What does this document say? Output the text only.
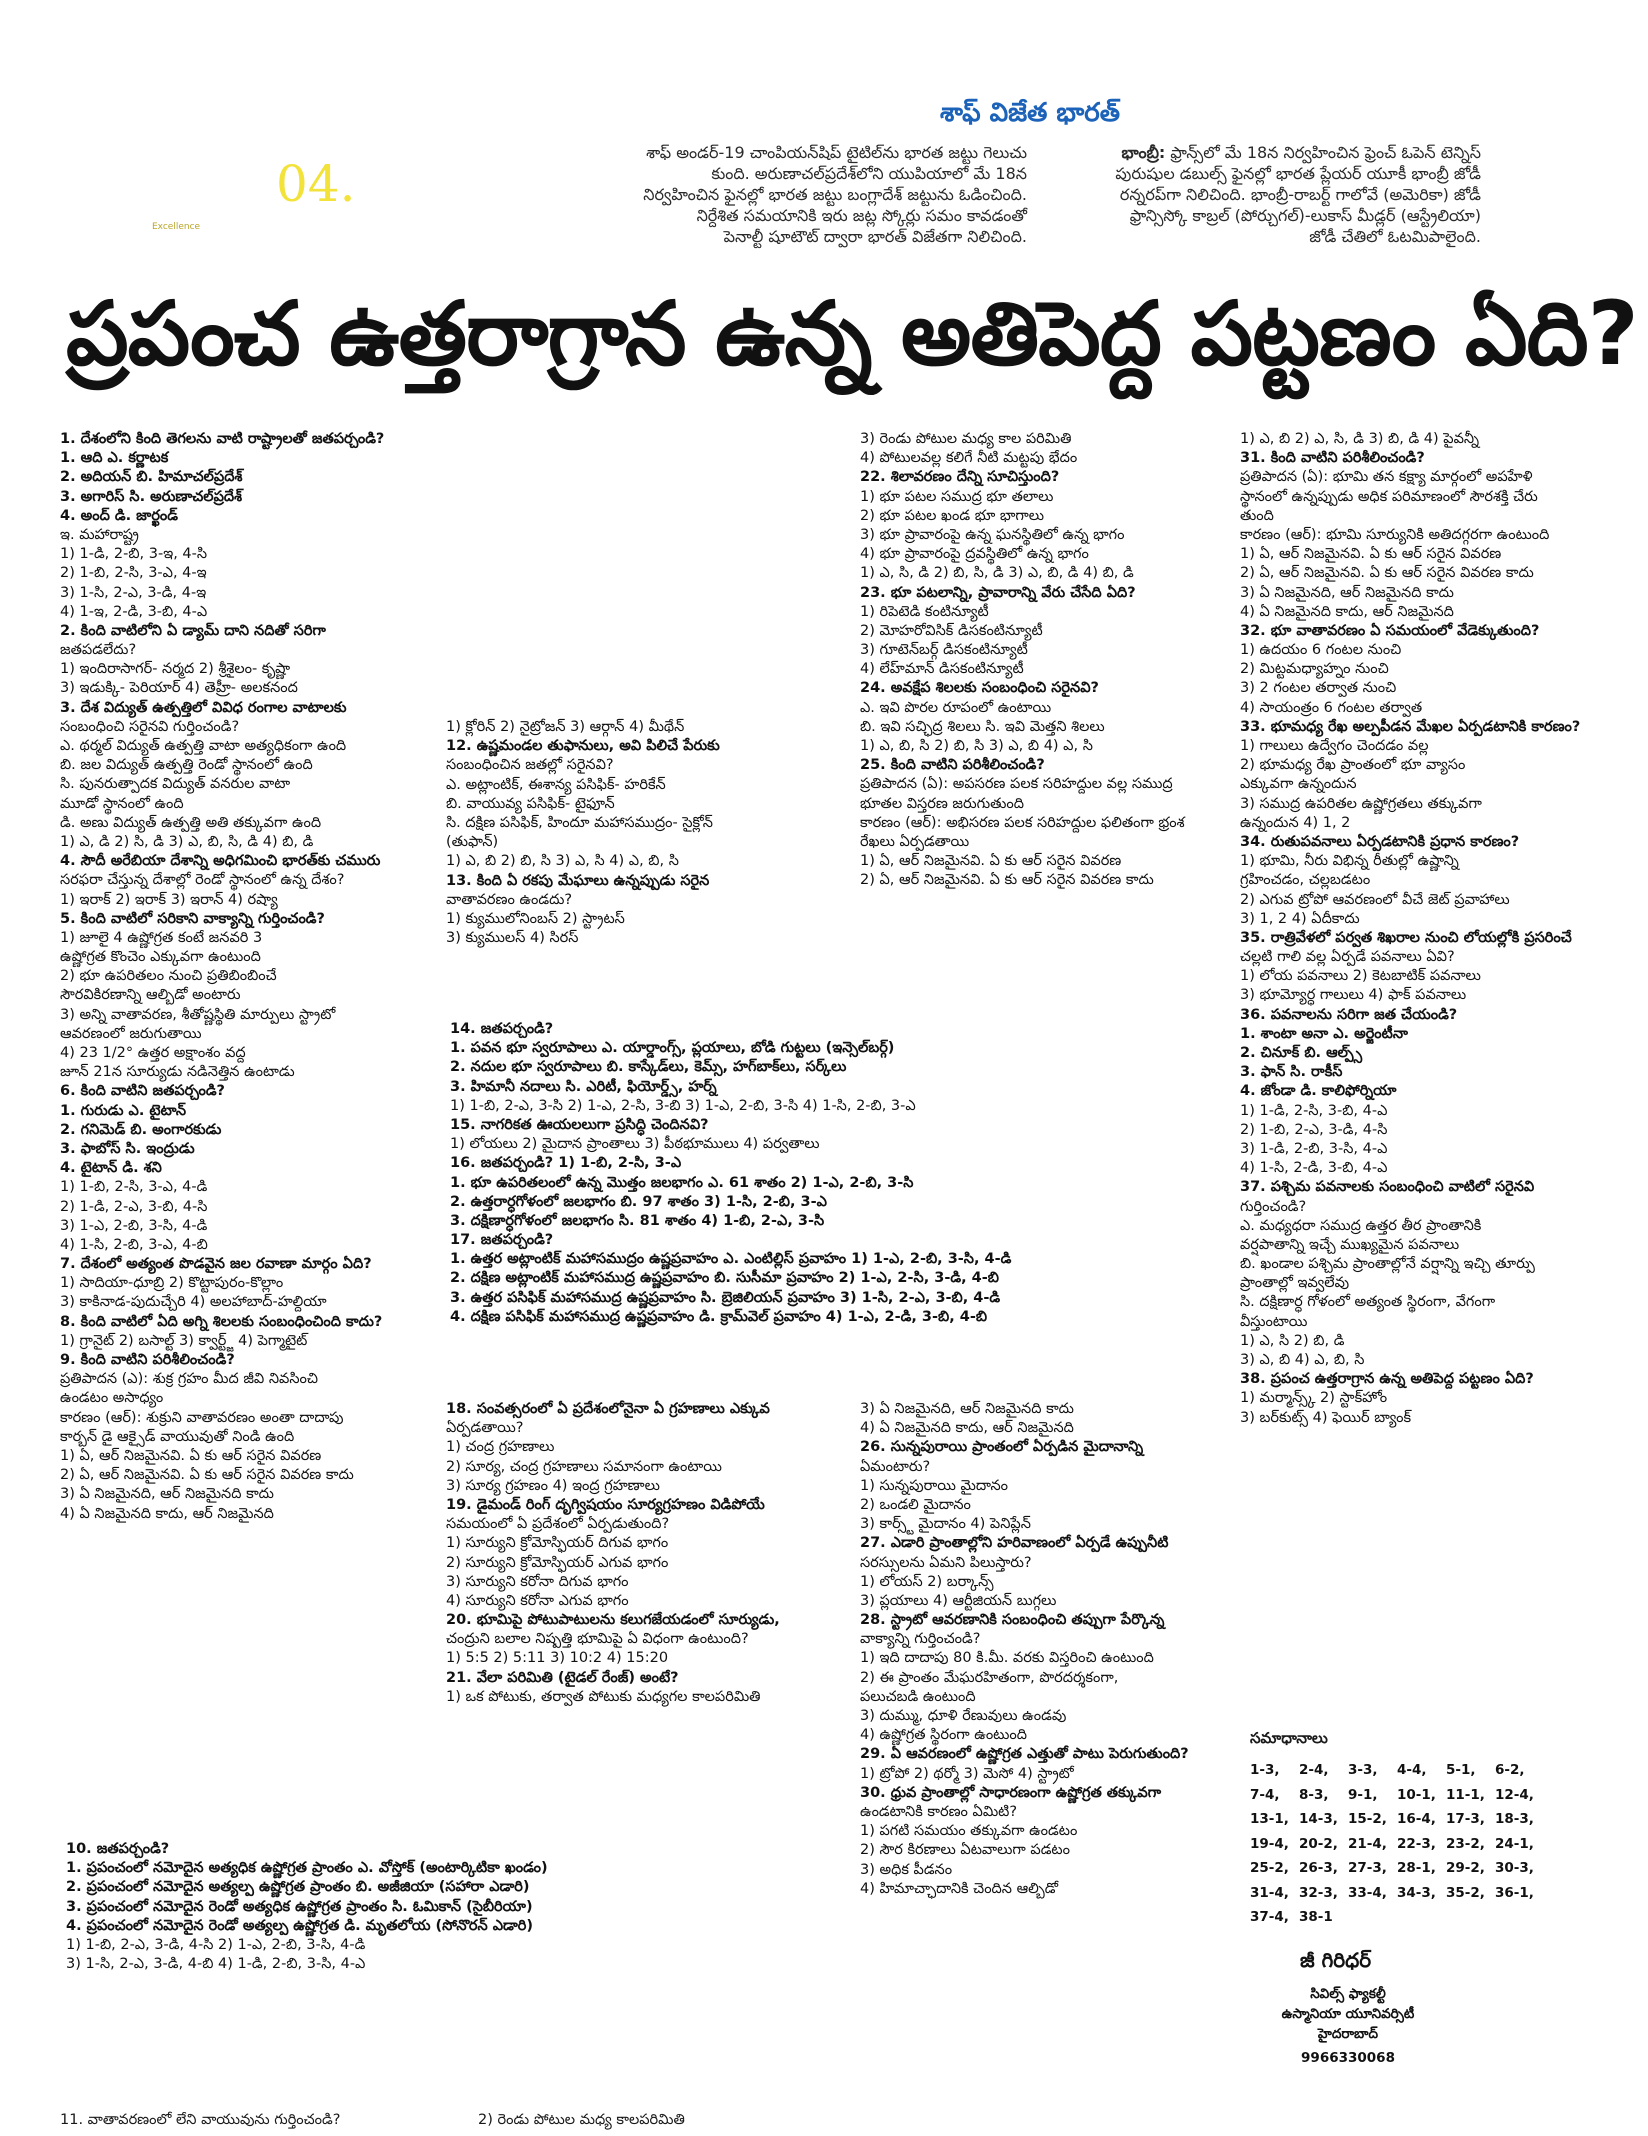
04.
Excellence
శాఫ్‌ విజేత భారత్‌
శాఫ్‌ అండర్‌-19 చాంపియన్‌షిప్‌ టైటిల్‌ను భారత జట్టు గెలుచు
కుంది. అరుణాచల్‌ప్రదేశ్‌లోని యుపియాలో మే 18న
నిర్వహించిన ఫైనల్లో భారత జట్టు బంగ్లాదేశ్‌ జట్టును ఓడించింది.
నిర్దేశిత సమయానికి ఇరు జట్ల స్కోర్లు సమం కావడంతో
పెనాల్టీ షూటౌట్‌ ద్వారా భారత్‌ విజేతగా నిలిచింది.
భాంబ్రీ: ఫ్రాన్స్‌లో మే 18న నిర్వహించిన ఫ్రెంచ్‌ ఓపెన్‌ టెన్నిస్‌
పురుషుల డబుల్స్‌ ఫైనల్లో భారత ప్లేయర్‌ యూకీ భాంబ్రీ జోడీ
రన్నరప్‌గా నిలిచింది. భాంబ్రీ-రాబర్ట్‌ గాలోవే (అమెరికా) జోడీ
ఫ్రాన్సిస్కో కాబ్రల్‌ (పోర్చుగల్‌)-లుకాస్‌ మీడ్లర్‌ (ఆస్ట్రేలియా)
జోడీ చేతిలో ఓటమిపాలైంది.
ప్రపంచ ఉత్తరాగ్రాన ఉన్న అతిపెద్ద పట్టణం ఏది?
1. దేశంలోని కింది తెగలను వాటి రాష్ట్రాలతో జతపర్చండి?
1. ఆది ఎ. కర్ణాటక
2. అదియన్‌ బి. హిమాచల్‌ప్రదేశ్‌
3. అగారిస్‌ సి. అరుణాచల్‌ప్రదేశ్‌
4. అంద్‌ డి. జార్ఖండ్‌
ఇ. మహారాష్ట్ర
1) 1-డి, 2-బి, 3-ఇ, 4-సి
2) 1-బి, 2-సి, 3-ఎ, 4-ఇ
3) 1-సి, 2-ఎ, 3-డి, 4-ఇ
4) 1-ఇ, 2-డి, 3-బి, 4-ఎ
2. కింది వాటిలోని ఏ డ్యామ్‌ దాని నదితో సరిగా
జతపడలేదు?
1) ఇందిరాసాగర్‌- నర్మద 2) శ్రీశైలం- కృష్ణా
3) ఇడుక్కి- పెరియార్‌ 4) తెహ్రీ- అలకనంద
3. దేశ విద్యుత్‌ ఉత్పత్తిలో వివిధ రంగాల వాటాలకు
సంబంధించి సరైనవి గుర్తించండి?
ఎ. థర్మల్‌ విద్యుత్‌ ఉత్పత్తి వాటా అత్యధికంగా ఉంది
బి. జల విద్యుత్‌ ఉత్పత్తి రెండో స్థానంలో ఉంది
సి. పునరుత్పాదక విద్యుత్‌ వనరుల వాటా
మూడో స్థానంలో ఉంది
డి. అణు విద్యుత్‌ ఉత్పత్తి అతి తక్కువగా ఉంది
1) ఎ, డి 2) సి, డి 3) ఎ, బి, సి, డి 4) బి, డి
4. సౌదీ అరేబియా దేశాన్ని అధిగమించి భారత్‌కు చమురు
సరఫరా చేస్తున్న దేశాల్లో రెండో స్థానంలో ఉన్న దేశం?
1) ఇరాక్‌ 2) ఇరాక్‌ 3) ఇరాన్‌ 4) రష్యా
5. కింది వాటిలో సరికాని వాక్యాన్ని గుర్తించండి?
1) జూలై 4 ఉష్ణోగ్రత కంటే జనవరి 3
ఉష్ణోగ్రత కొంచెం ఎక్కువగా ఉంటుంది
2) భూ ఉపరితలం నుంచి ప్రతిబింబించే
సౌరవికిరణాన్ని ఆల్బిడో అంటారు
3) అన్ని వాతావరణ, శీతోష్ణస్థితి మార్పులు స్ట్రాటో
ఆవరణంలో జరుగుతాయి
4) 23 1/2° ఉత్తర అక్షాంశం వద్ద
జూన్‌ 21న సూర్యుడు నడినెత్తిన ఉంటాడు
6. కింది వాటిని జతపర్చండి?
1. గురుడు ఎ. టైటాన్‌
2. గనిమెడ్‌ బి. అంగారకుడు
3. ఫాబోస్‌ సి. ఇంద్రుడు
4. టైటాన్‌ డి. శని
1) 1-బి, 2-సి, 3-ఎ, 4-డి
2) 1-డి, 2-ఎ, 3-బి, 4-సి
3) 1-ఎ, 2-బి, 3-సి, 4-డి
4) 1-సి, 2-బి, 3-ఎ, 4-బి
7. దేశంలో అత్యంత పొడవైన జల రవాణా మార్గం ఏది?
1) సాదియా-ధూబ్రి 2) కొట్టాపురం-కొల్లాం
3) కాకినాడ-పుదుచ్చేరి 4) అలహాబాద్‌-హల్దియా
8. కింది వాటిలో ఏది అగ్ని శిలలకు సంబంధించింది కాదు?
1) గ్రానైట్‌ 2) బసాల్ట్‌ 3) క్వార్ట్జ్‌ 4) పెగ్మాటైట్‌
9. కింది వాటిని పరిశీలించండి?
ప్రతిపాదన (ఎ): శుక్ర గ్రహం మీద జీవి నివసించి
ఉండటం అసాధ్యం
కారణం (ఆర్‌): శుక్రుని వాతావరణం అంతా దాదాపు
కార్బన్‌ డై ఆక్సైడ్‌ వాయువుతో నిండి ఉంది
1) ఏ, ఆర్‌ నిజమైనవి. ఏ కు ఆర్‌ సరైన వివరణ
2) ఏ, ఆర్‌ నిజమైనవి. ఏ కు ఆర్‌ సరైన వివరణ కాదు
3) ఏ నిజమైనది, ఆర్‌ నిజమైనది కాదు
4) ఏ నిజమైనది కాదు, ఆర్‌ నిజమైనది
1) క్లోరిన్‌ 2) నైట్రోజన్‌ 3) ఆర్గాన్‌ 4) మీథేన్‌
12. ఉష్ణమండల తుఫానులు, అవి పిలిచే పేరుకు
సంబంధించిన జతల్లో సరైనవి?
ఎ. అట్లాంటిక్‌, ఈశాన్య పసిఫిక్‌- హరికేన్‌
బి. వాయువ్య పసిఫిక్‌- టైఫూన్‌
సి. దక్షిణ పసిఫిక్‌, హిందూ మహాసముద్రం- సైక్లోన్‌
(తుఫాన్‌)
1) ఎ, బి 2) బి, సి 3) ఎ, సి 4) ఎ, బి, సి
13. కింది ఏ రకపు మేఘాలు ఉన్నప్పుడు సరైన
వాతావరణం ఉండదు?
1) క్యుములోనింబస్‌ 2) స్ట్రాటస్‌
3) క్యుములస్‌ 4) సిరస్‌
3) రెండు పోటుల మధ్య కాల పరిమితి
4) పోటులవల్ల కలిగే నీటి మట్టపు భేదం
22. శిలావరణం దేన్ని సూచిస్తుంది?
1) భూ పటల సముద్ర భూ తలాలు
2) భూ పటల ఖండ భూ భాగాలు
3) భూ ప్రావారంపై ఉన్న ఘనస్థితిలో ఉన్న భాగం
4) భూ ప్రావారంపై ద్రవస్థితిలో ఉన్న భాగం
1) ఎ, సి, డి 2) బి, సి, డి 3) ఎ, బి, డి 4) బి, డి
23. భూ పటలాన్ని, ప్రావారాన్ని వేరు చేసేది ఏది?
1) రిపెటెడి కంటిన్యూటీ
2) మోహరోవిసిక్‌ డిసకంటిన్యూటీ
3) గూటెన్‌బర్గ్‌ డిసకంటిన్యూటీ
4) లేహ్‌మాన్‌ డిసకంటిన్యూటీ
24. అవక్షేప శిలలకు సంబంధించి సరైనవి?
ఎ. ఇవి పొరల రూపంలో ఉంటాయి
బి. ఇవి సచ్ఛిద్ర శిలలు సి. ఇవి మెత్తని శిలలు
1) ఎ, బి, సి 2) బి, సి 3) ఎ, బి 4) ఎ, సి
25. కింది వాటిని పరిశీలించండి?
ప్రతిపాదన (ఏ): అపసరణ పలక సరిహద్దుల వల్ల సముద్ర
భూతల విస్తరణ జరుగుతుంది
కారణం (ఆర్‌): అభిసరణ పలక సరిహద్దుల ఫలితంగా భ్రంశ
రేఖలు ఏర్పడతాయి
1) ఏ, ఆర్‌ నిజమైనవి. ఏ కు ఆర్‌ సరైన వివరణ
2) ఏ, ఆర్‌ నిజమైనవి. ఏ కు ఆర్‌ సరైన వివరణ కాదు
14. జతపర్చండి?
1. పవన భూ స్వరూపాలు ఎ. యార్డాంగ్స్‌, ప్లయాలు, బోడి గుట్టలు (ఇన్సెల్‌బర్గ్‌)
2. నదుల భూ స్వరూపాలు బి. కాస్కేడ్‌లు, కెమ్స్‌, హగ్‌బాక్‌లు, సర్క్‌లు
3. హిమానీ నదాలు సి. ఎరిటీ, ఫియోర్డ్స్‌, హర్న్‌
1) 1-బి, 2-ఎ, 3-సి 2) 1-ఎ, 2-సి, 3-బి 3) 1-ఎ, 2-బి, 3-సి 4) 1-సి, 2-బి, 3-ఎ
15. నాగరికత ఊయలలుగా ప్రసిద్ధి చెందినవి?
1) లోయలు 2) మైదాన ప్రాంతాలు 3) పీఠభూములు 4) పర్వతాలు
16. జతపర్చండి? 1) 1-బి, 2-సి, 3-ఎ
1. భూ ఉపరితలంలో ఉన్న మొత్తం జలభాగం ఎ. 61 శాతం 2) 1-ఎ, 2-బి, 3-సి
2. ఉత్తరార్ధగోళంలో జలభాగం బి. 97 శాతం 3) 1-సి, 2-బి, 3-ఎ
3. దక్షిణార్ధగోళంలో జలభాగం సి. 81 శాతం 4) 1-బి, 2-ఎ, 3-సి
17. జతపర్చండి?
1. ఉత్తర అట్లాంటిక్‌ మహాసముద్రం ఉష్ణప్రవాహం ఎ. ఎంటిల్లిస్‌ ప్రవాహం 1) 1-ఎ, 2-బి, 3-సి, 4-డి
2. దక్షిణ అట్లాంటిక్‌ మహాసముద్ర ఉష్ణప్రవాహం బి. సుసీమా ప్రవాహం 2) 1-ఎ, 2-సి, 3-డి, 4-బి
3. ఉత్తర పసిఫిక్‌ మహాసముద్ర ఉష్ణప్రవాహం సి. బ్రెజిలియన్‌ ప్రవాహం 3) 1-సి, 2-ఎ, 3-బి, 4-డి
4. దక్షిణ పసిఫిక్‌ మహాసముద్ర ఉష్ణప్రవాహం డి. క్రామ్‌వెల్‌ ప్రవాహం 4) 1-ఎ, 2-డి, 3-బి, 4-బి
18. సంవత్సరంలో ఏ ప్రదేశంలోనైనా ఏ గ్రహణాలు ఎక్కువ
ఏర్పడతాయి?
1) చంద్ర గ్రహణాలు
2) సూర్య, చంద్ర గ్రహణాలు సమానంగా ఉంటాయి
3) సూర్య గ్రహణం 4) ఇంద్ర గ్రహణాలు
19. డైమండ్‌ రింగ్‌ దృగ్విషయం సూర్యగ్రహణం విడిపోయే
సమయంలో ఏ ప్రదేశంలో ఏర్పడుతుంది?
1) సూర్యుని క్రోమోస్ఫియర్‌ దిగువ భాగం
2) సూర్యుని క్రోమోస్ఫియర్‌ ఎగువ భాగం
3) సూర్యుని కరోనా దిగువ భాగం
4) సూర్యుని కరోనా ఎగువ భాగం
20. భూమిపై పోటుపాటులను కలుగజేయడంలో సూర్యుడు,
చంద్రుని బలాల నిష్పత్తి భూమిపై ఏ విధంగా ఉంటుంది?
1) 5:5 2) 5:11 3) 10:2 4) 15:20
21. వేలా పరిమితి (టైడల్‌ రేంజ్‌) అంటే?
1) ఒక పోటుకు, తర్వాత పోటుకు మధ్యగల కాలపరిమితి
3) ఏ నిజమైనది, ఆర్‌ నిజమైనది కాదు
4) ఏ నిజమైనది కాదు, ఆర్‌ నిజమైనది
26. సున్నపురాయి ప్రాంతంలో ఏర్పడిన మైదానాన్ని
ఏమంటారు?
1) సున్నపురాయి మైదానం
2) ఒండలి మైదానం
3) కార్స్ట్‌ మైదానం 4) పెనిప్లేన్‌
27. ఎడారి ప్రాంతాల్లోని హరివాణంలో ఏర్పడే ఉప్పునీటి
సరస్సులను ఏమని పిలుస్తారు?
1) లోయస్‌ 2) బర్కాన్స్‌
3) ప్లయాలు 4) ఆర్టీజియన్‌ బుగ్గలు
28. స్ట్రాటో ఆవరణానికి సంబంధించి తప్పుగా పేర్కొన్న
వాక్యాన్ని గుర్తించండి?
1) ఇది దాదాపు 80 కి.మీ. వరకు విస్తరించి ఉంటుంది
2) ఈ ప్రాంతం మేఘరహితంగా, పొరదర్శకంగా,
పలుచబడి ఉంటుంది
3) దుమ్ము, ధూళి రేణువులు ఉండవు
4) ఉష్ణోగ్రత స్థిరంగా ఉంటుంది
29. ఏ ఆవరణంలో ఉష్ణోగ్రత ఎత్తుతో పాటు పెరుగుతుంది?
1) ట్రోపో 2) థర్మో 3) మెసో 4) స్ట్రాటో
30. ధ్రువ ప్రాంతాల్లో సాధారణంగా ఉష్ణోగ్రత తక్కువగా
ఉండటానికి కారణం ఏమిటి?
1) పగటి సమయం తక్కువగా ఉండటం
2) సౌర కిరణాలు ఏటవాలుగా పడటం
3) అధిక పీడనం
4) హిమాచ్ఛాదానికి చెందిన ఆల్బిడో
1) ఎ, బి 2) ఎ, సి, డి 3) బి, డి 4) పైవన్నీ
31. కింది వాటిని పరిశీలించండి?
ప్రతిపాదన (ఏ): భూమి తన కక్ష్యా మార్గంలో అపహేళి
స్థానంలో ఉన్నప్పుడు అధిక పరిమాణంలో సౌరశక్తి చేరు
తుంది
కారణం (ఆర్‌): భూమి సూర్యునికి అతిదగ్గరగా ఉంటుంది
1) ఏ, ఆర్‌ నిజమైనవి. ఏ కు ఆర్‌ సరైన వివరణ
2) ఏ, ఆర్‌ నిజమైనవి. ఏ కు ఆర్‌ సరైన వివరణ కాదు
3) ఏ నిజమైనది, ఆర్‌ నిజమైనది కాదు
4) ఏ నిజమైనది కాదు, ఆర్‌ నిజమైనది
32. భూ వాతావరణం ఏ సమయంలో వేడెక్కుతుంది?
1) ఉదయం 6 గంటల నుంచి
2) మిట్టమధ్యాహ్నం నుంచి
3) 2 గంటల తర్వాత నుంచి
4) సాయంత్రం 6 గంటల తర్వాత
33. భూమధ్య రేఖ అల్పపీడన మేఖల ఏర్పడటానికి కారణం?
1) గాలులు ఉద్వేగం చెందడం వల్ల
2) భూమధ్య రేఖ ప్రాంతంలో భూ వ్యాసం
ఎక్కువగా ఉన్నందున
3) సముద్ర ఉపరితల ఉష్ణోగ్రతలు తక్కువగా
ఉన్నందున 4) 1, 2
34. రుతుపవనాలు ఏర్పడటానికి ప్రధాన కారణం?
1) భూమి, నీరు విభిన్న రీతుల్లో ఉష్ణాన్ని
గ్రహించడం, చల్లబడటం
2) ఎగువ ట్రోపో ఆవరణంలో వీచే జెట్‌ ప్రవాహాలు
3) 1, 2 4) ఏదీకాదు
35. రాత్రివేళలో పర్వత శిఖరాల నుంచి లోయల్లోకి ప్రసరించే
చల్లటి గాలి వల్ల ఏర్పడే పవనాలు ఏవి?
1) లోయ పవనాలు 2) కెటబాటిక్‌ పవనాలు
3) భూమ్యోర్ధ గాలులు 4) ఫాక్‌ పవనాలు
36. పవనాలను సరిగా జత చేయండి?
1. శాంటా అనా ఎ. అర్జెంటీనా
2. చినూక్‌ బి. ఆల్ప్స్‌
3. ఫాన్‌ సి. రాకీస్‌
4. జోండా డి. కాలిఫోర్నియా
1) 1-డి, 2-సి, 3-బి, 4-ఎ
2) 1-బి, 2-ఎ, 3-డి, 4-సి
3) 1-డి, 2-బి, 3-సి, 4-ఎ
4) 1-సి, 2-డి, 3-బి, 4-ఎ
37. పశ్చిమ పవనాలకు సంబంధించి వాటిలో సరైనవి
గుర్తించండి?
ఎ. మధ్యధరా సముద్ర ఉత్తర తీర ప్రాంతానికి
వర్షపాతాన్ని ఇచ్చే ముఖ్యమైన పవనాలు
బి. ఖండాల పశ్చిమ ప్రాంతాల్లోనే వర్షాన్ని ఇచ్చి తూర్పు
ప్రాంతాల్లో ఇవ్వలేవు
సి. దక్షిణార్ధ గోళంలో అత్యంత స్థిరంగా, వేగంగా
వీస్తుంటాయి
1) ఎ, సి 2) బి, డి
3) ఎ, బి 4) ఎ, బి, సి
38. ప్రపంచ ఉత్తరాగ్రాన ఉన్న అతిపెద్ద పట్టణం ఏది?
1) మర్మాన్స్క్‌ 2) స్టాక్‌హోం
3) బర్‌కుట్స్‌ 4) ఫెయిర్‌ బ్యాంక్‌
10. జతపర్చండి?
1. ప్రపంచంలో నమోదైన అత్యధిక ఉష్ణోగ్రత ప్రాంతం ఎ. వోస్తోక్‌ (అంటార్కిటికా ఖండం)
2. ప్రపంచంలో నమోదైన అత్యల్ప ఉష్ణోగ్రత ప్రాంతం బి. అజీజియా (సహారా ఎడారి)
3. ప్రపంచంలో నమోదైన రెండో అత్యధిక ఉష్ణోగ్రత ప్రాంతం సి. ఓమికాన్‌ (సైబీరియా)
4. ప్రపంచంలో నమోదైన రెండో అత్యల్ప ఉష్ణోగ్రత డి. మృతలోయ (సోనొరన్‌ ఎడారి)
1) 1-బి, 2-ఎ, 3-డి, 4-సి 2) 1-ఎ, 2-బి, 3-సి, 4-డి
3) 1-సి, 2-ఎ, 3-డి, 4-బి 4) 1-డి, 2-బి, 3-సి, 4-ఎ
11. వాతావరణంలో లేని వాయువును గుర్తించండి?	2) రెండు పోటుల మధ్య కాలపరిమితి
సమాధానాలు
1-3,	2-4,	3-3,	4-4,	5-1,	6-2,
7-4,	8-3,	9-1,	10-1, 11-1, 12-4,
13-1, 14-3, 15-2, 16-4, 17-3, 18-3,
19-4, 20-2, 21-4, 22-3, 23-2, 24-1,
25-2, 26-3, 27-3, 28-1, 29-2, 30-3,
31-4, 32-3, 33-4, 34-3, 35-2, 36-1,
37-4, 38-1
జీ గిరిధర్‌
సివిల్స్‌ ఫ్యాకల్టీ
ఉస్మానియా యూనివర్సిటీ
హైదరాబాద్‌
9966330068
